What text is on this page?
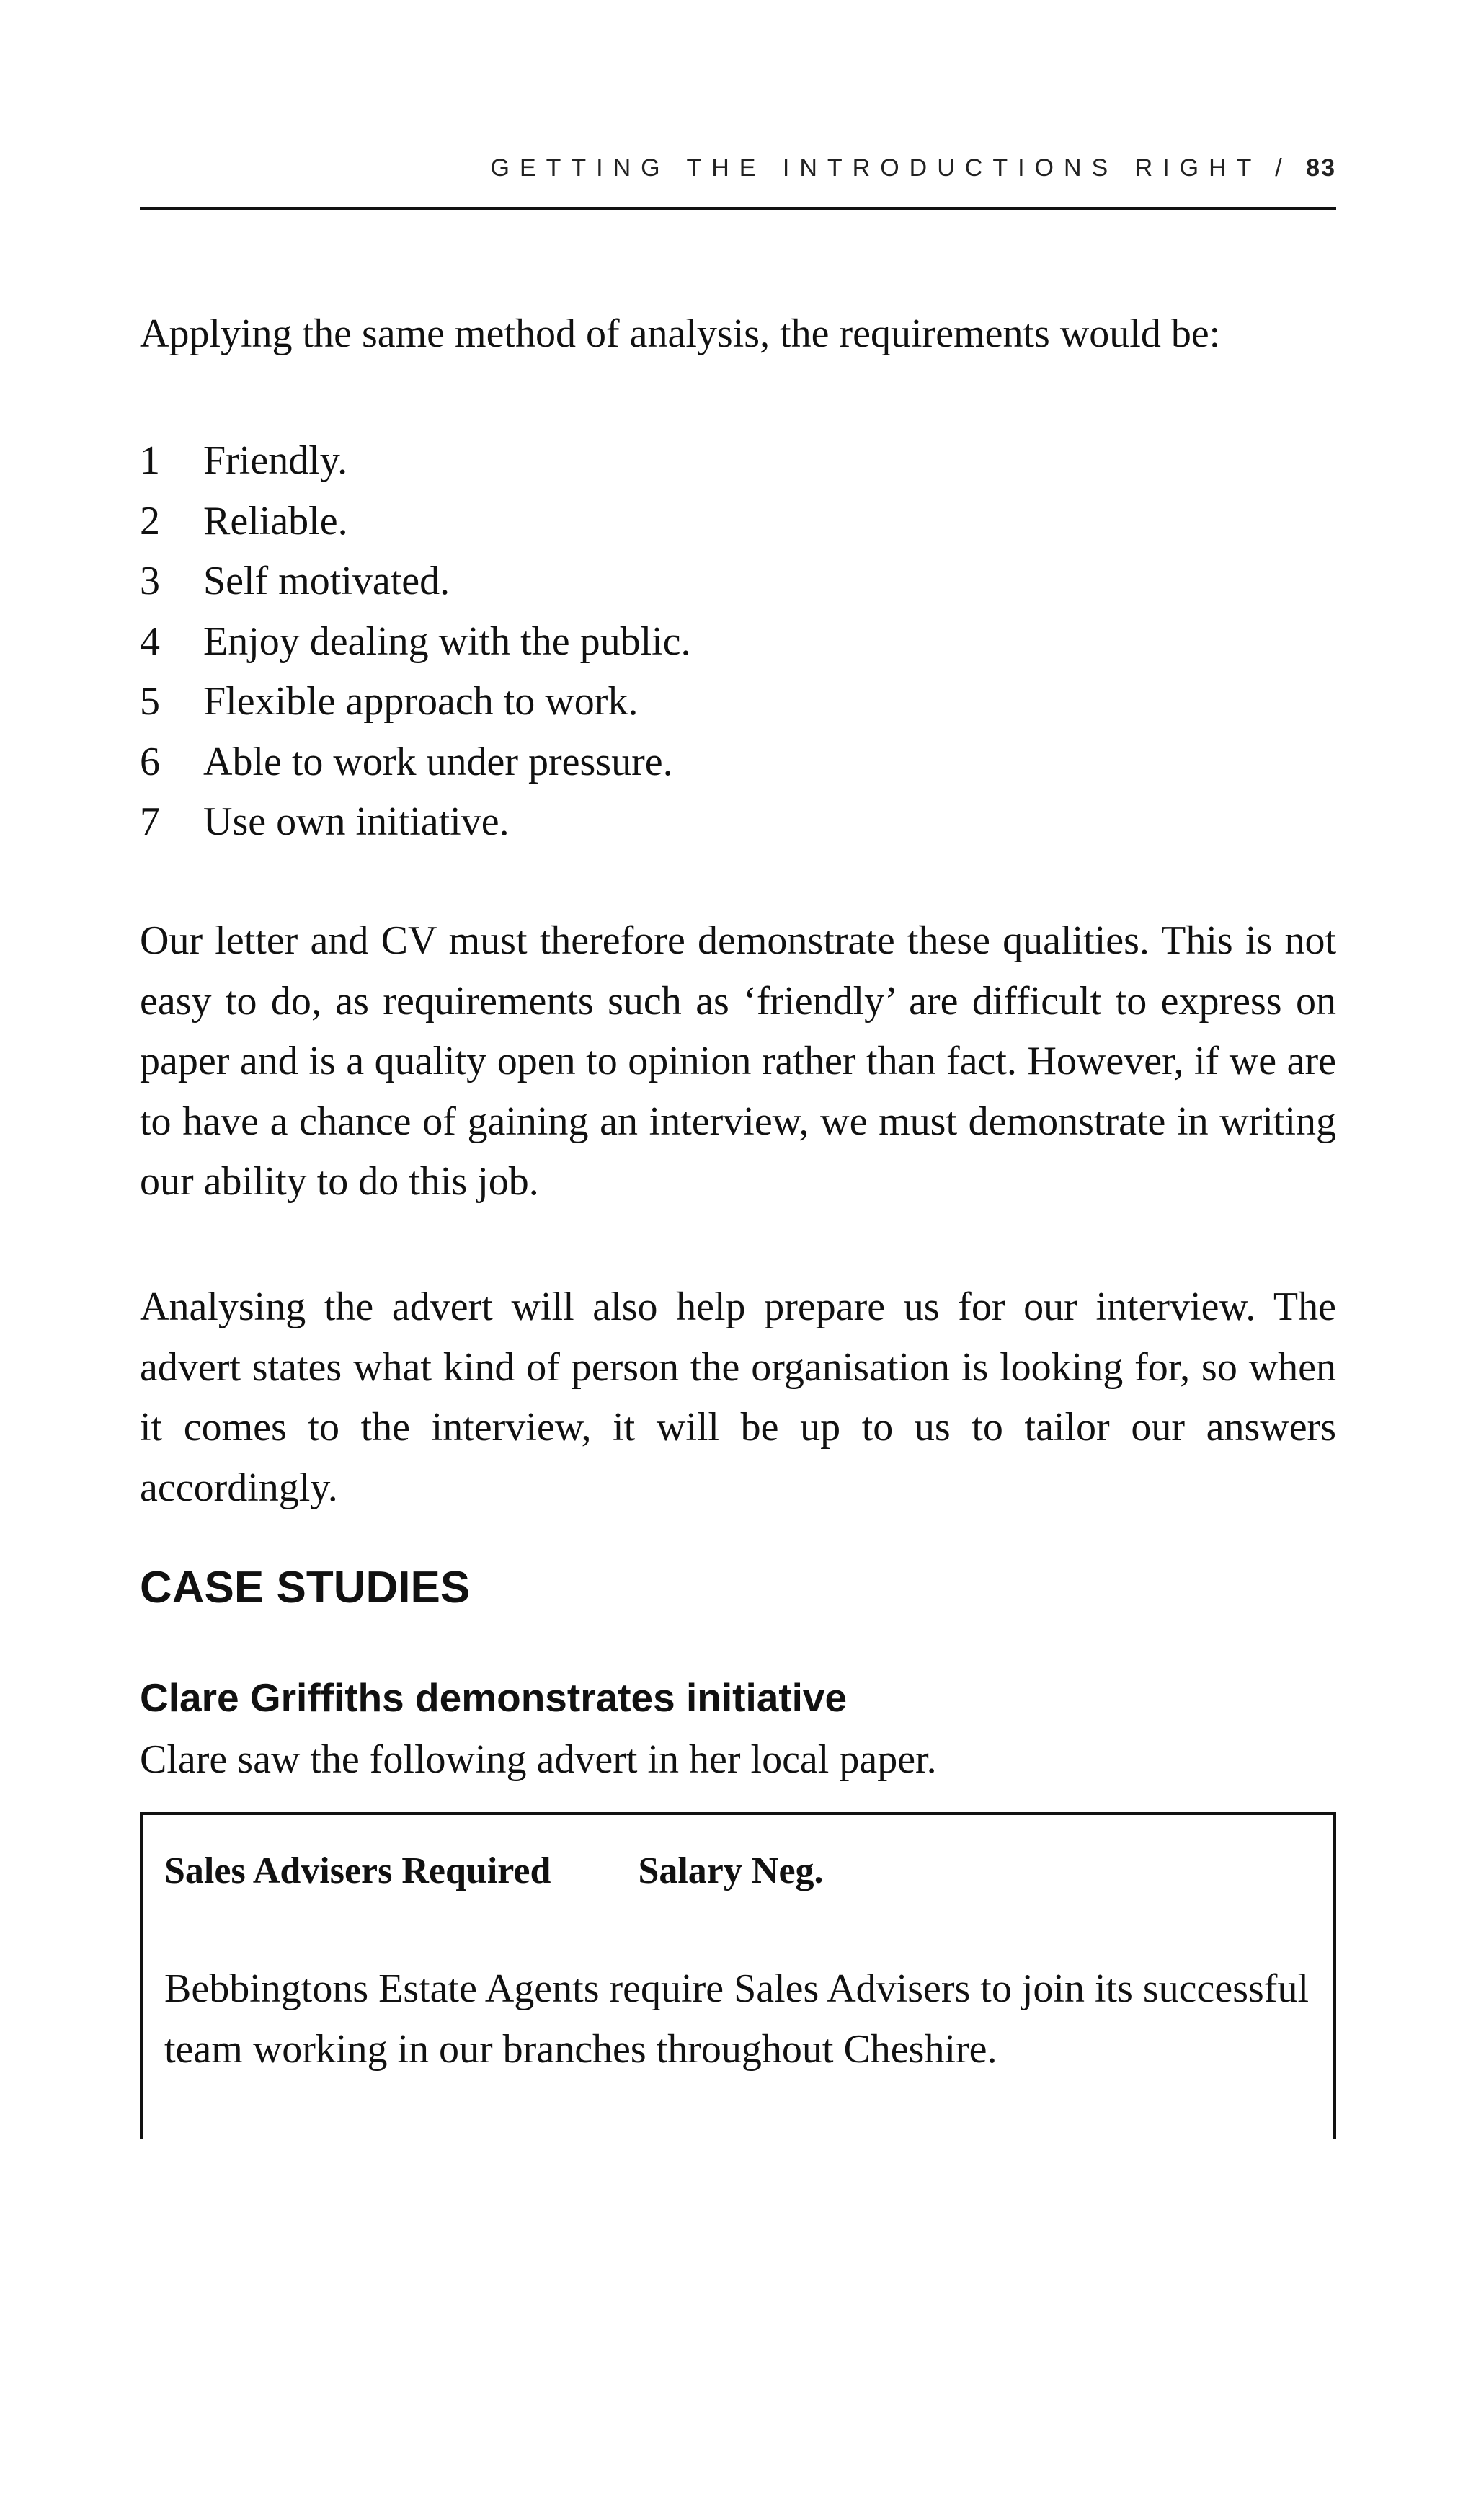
GETTING THE INTRODUCTIONS RIGHT / 83

Applying the same method of analysis, the requirements would be:

1	Friendly.
2	Reliable.
3	Self motivated.
4	Enjoy dealing with the public.
5	Flexible approach to work.
6	Able to work under pressure.
7	Use own initiative.

Our letter and CV must therefore demonstrate these qualities. This is not easy to do, as requirements such as ‘friendly’ are difficult to express on paper and is a quality open to opinion rather than fact. However, if we are to have a chance of gaining an interview, we must demonstrate in writing our ability to do this job.

Analysing the advert will also help prepare us for our interview. The advert states what kind of person the organisation is looking for, so when it comes to the interview, it will be up to us to tailor our answers accordingly.

CASE STUDIES
Clare Griffiths demonstrates initiative

Clare saw the following advert in her local paper.

Sales Advisers Required Salary Neg.

Bebbingtons Estate Agents require Sales Advisers to join its successful team working in our branches throughout Cheshire.
